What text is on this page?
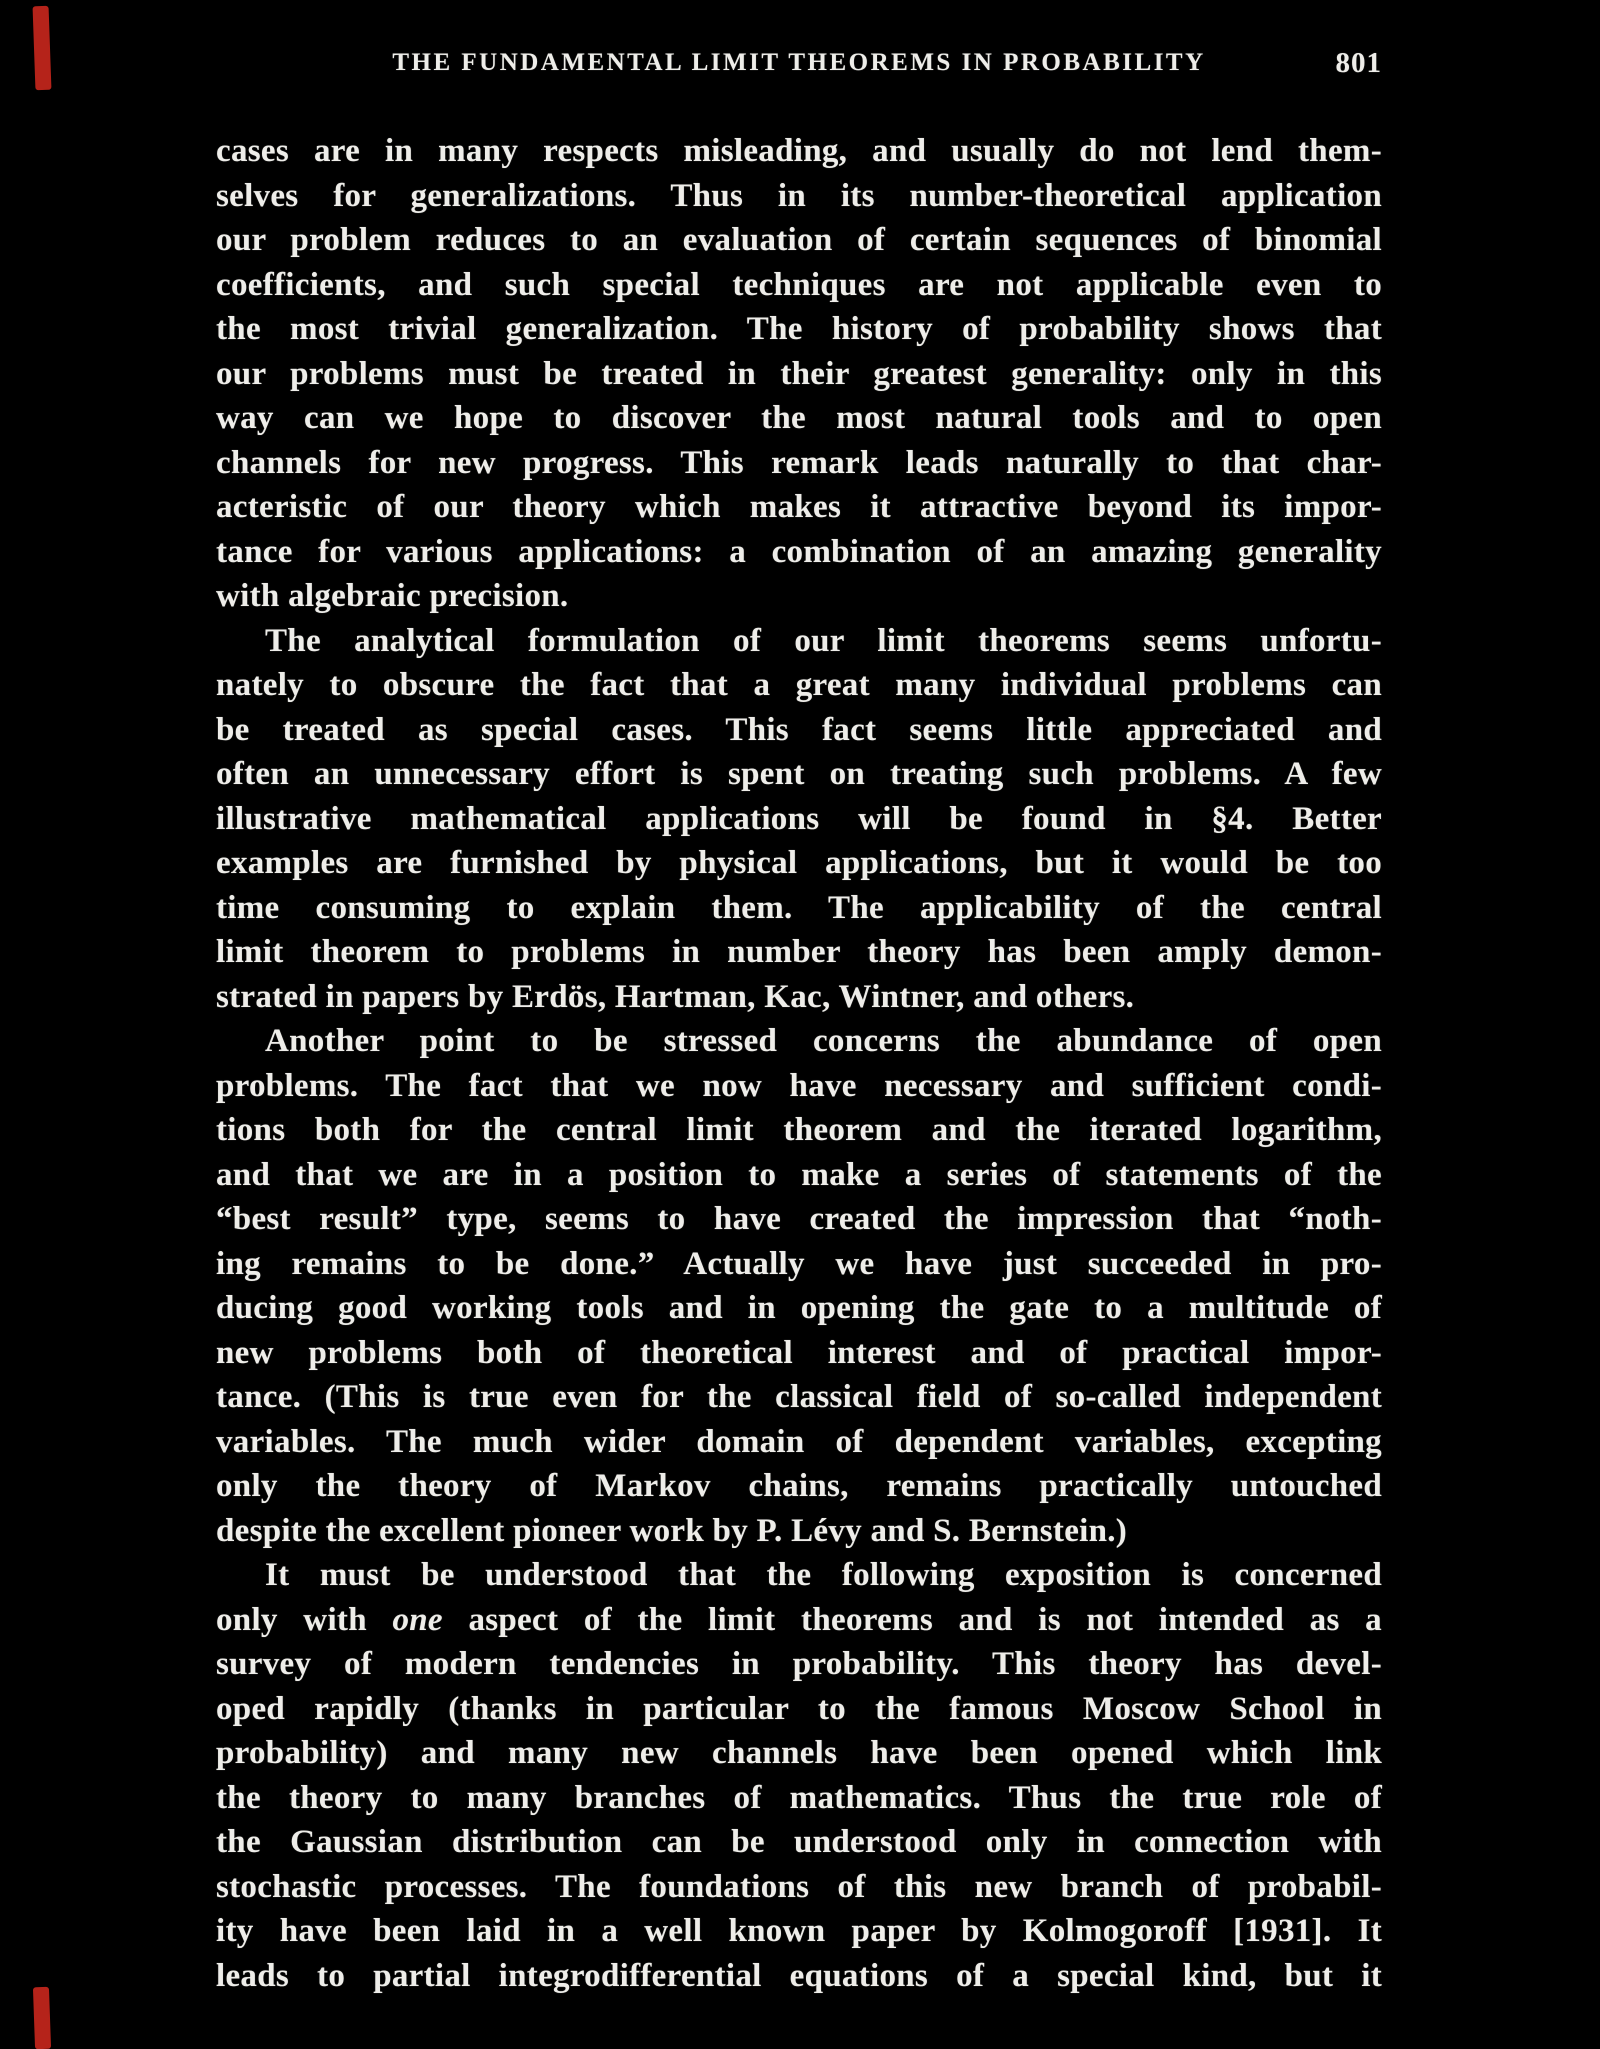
THE FUNDAMENTAL LIMIT THEOREMS IN PROBABILITY	801
cases are in many respects misleading, and usually do not lend them-
selves for generalizations. Thus in its number-theoretical application
our problem reduces to an evaluation of certain sequences of binomial
coefficients, and such special techniques are not applicable even to
the most trivial generalization. The history of probability shows that
our problems must be treated in their greatest generality: only in this
way can we hope to discover the most natural tools and to open
channels for new progress. This remark leads naturally to that char-
acteristic of our theory which makes it attractive beyond its impor-
tance for various applications: a combination of an amazing generality
with algebraic precision.
The analytical formulation of our limit theorems seems unfortu-
nately to obscure the fact that a great many individual problems can
be treated as special cases. This fact seems little appreciated and
often an unnecessary effort is spent on treating such problems. A few
illustrative mathematical applications will be found in §4. Better
examples are furnished by physical applications, but it would be too
time consuming to explain them. The applicability of the central
limit theorem to problems in number theory has been amply demon-
strated in papers by Erdös, Hartman, Kac, Wintner, and others.
Another point to be stressed concerns the abundance of open
problems. The fact that we now have necessary and sufficient condi-
tions both for the central limit theorem and the iterated logarithm,
and that we are in a position to make a series of statements of the
“best result” type, seems to have created the impression that “noth-
ing remains to be done.” Actually we have just succeeded in pro-
ducing good working tools and in opening the gate to a multitude of
new problems both of theoretical interest and of practical impor-
tance. (This is true even for the classical field of so-called independent
variables. The much wider domain of dependent variables, excepting
only the theory of Markov chains, remains practically untouched
despite the excellent pioneer work by P. Lévy and S. Bernstein.)
It must be understood that the following exposition is concerned
only with one aspect of the limit theorems and is not intended as a
survey of modern tendencies in probability. This theory has devel-
oped rapidly (thanks in particular to the famous Moscow School in
probability) and many new channels have been opened which link
the theory to many branches of mathematics. Thus the true role of
the Gaussian distribution can be understood only in connection with
stochastic processes. The foundations of this new branch of probabil-
ity have been laid in a well known paper by Kolmogoroff [1931]. It
leads to partial integrodifferential equations of a special kind, but it
